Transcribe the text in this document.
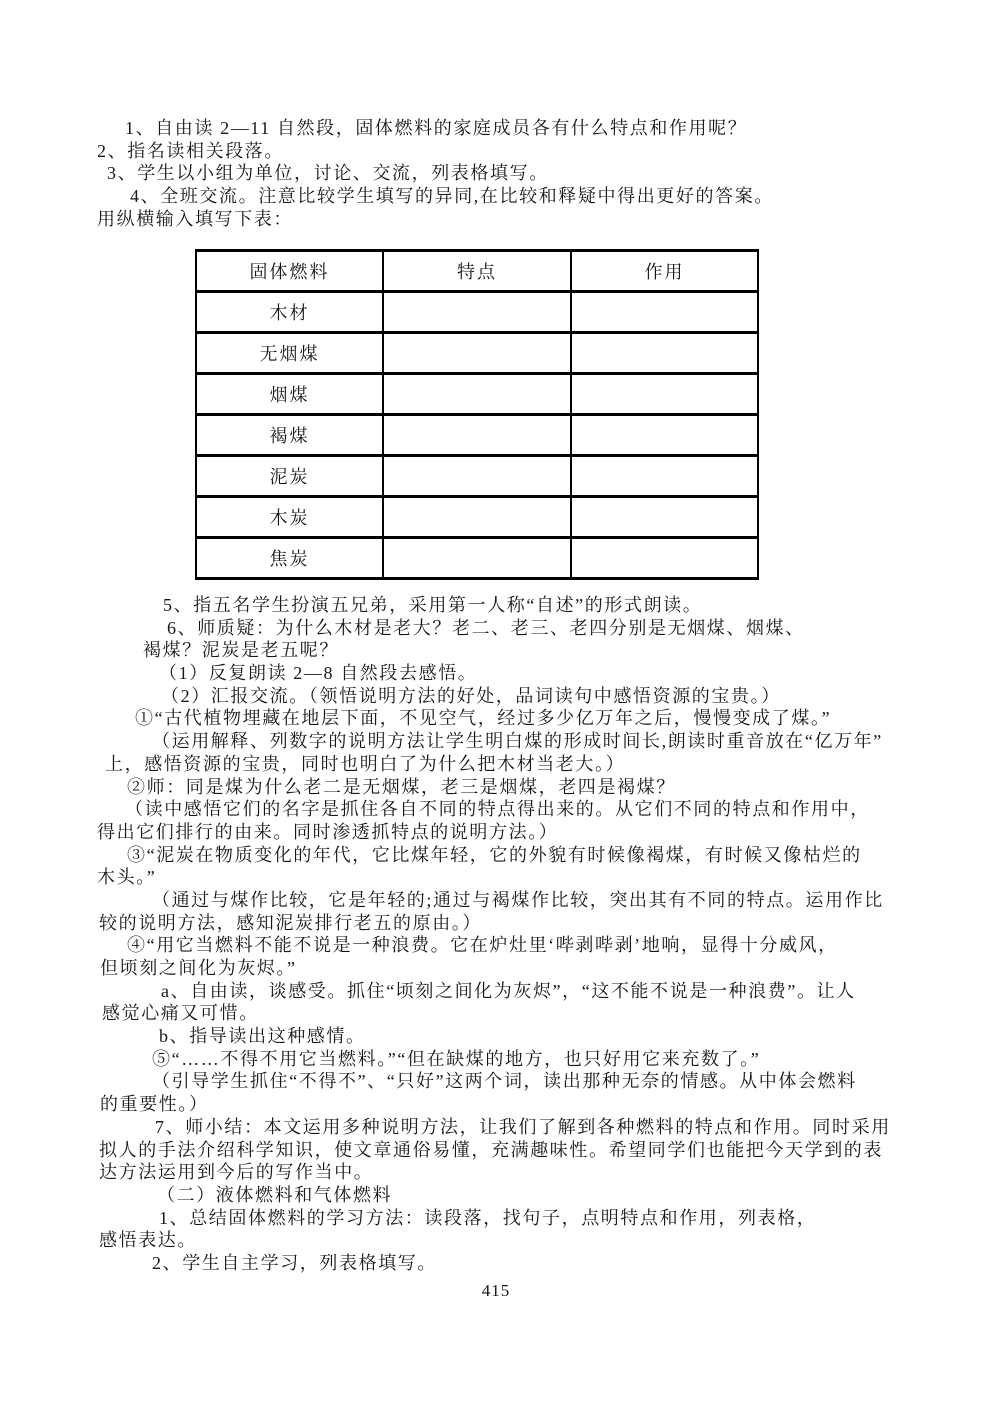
1、自由读 2—11 自然段，固体燃料的家庭成员各有什么特点和作用呢？
2、指名读相关段落。
3、学生以小组为单位，讨论、交流，列表格填写。
4、全班交流。注意比较学生填写的异同,在比较和释疑中得出更好的答案。
用纵横输入填写下表：
固体燃料	特点	作用
木材		
无烟煤		
烟煤		
褐煤		
泥炭		
木炭		
焦炭		
5、指五名学生扮演五兄弟，采用第一人称“自述”的形式朗读。
6、师质疑：为什么木材是老大？老二、老三、老四分别是无烟煤、烟煤、
褐煤？泥炭是老五呢？
（1）反复朗读 2—8 自然段去感悟。
（2）汇报交流。（领悟说明方法的好处，品词读句中感悟资源的宝贵。）
①“古代植物埋藏在地层下面，不见空气，经过多少亿万年之后，慢慢变成了煤。”
（运用解释、列数字的说明方法让学生明白煤的形成时间长,朗读时重音放在“亿万年”
上，感悟资源的宝贵，同时也明白了为什么把木材当老大。）
②师：同是煤为什么老二是无烟煤，老三是烟煤，老四是褐煤？
（读中感悟它们的名字是抓住各自不同的特点得出来的。从它们不同的特点和作用中，
得出它们排行的由来。同时渗透抓特点的说明方法。）
③“泥炭在物质变化的年代，它比煤年轻，它的外貌有时候像褐煤，有时候又像枯烂的
木头。”
（通过与煤作比较，它是年轻的;通过与褐煤作比较，突出其有不同的特点。运用作比
较的说明方法，感知泥炭排行老五的原由。）
④“用它当燃料不能不说是一种浪费。它在炉灶里‘哔剥哔剥’地响，显得十分威风，
但顷刻之间化为灰烬。”
a、自由读，谈感受。抓住“顷刻之间化为灰烬”，“这不能不说是一种浪费”。让人
感觉心痛又可惜。
b、指导读出这种感情。
⑤“……不得不用它当燃料。”“但在缺煤的地方，也只好用它来充数了。”
（引导学生抓住“不得不”、“只好”这两个词，读出那种无奈的情感。从中体会燃料
的重要性。）
7、师小结：本文运用多种说明方法，让我们了解到各种燃料的特点和作用。同时采用
拟人的手法介绍科学知识，使文章通俗易懂，充满趣味性。希望同学们也能把今天学到的表
达方法运用到今后的写作当中。
（二）液体燃料和气体燃料
1、总结固体燃料的学习方法：读段落，找句子，点明特点和作用，列表格，
感悟表达。
2、学生自主学习，列表格填写。
415
